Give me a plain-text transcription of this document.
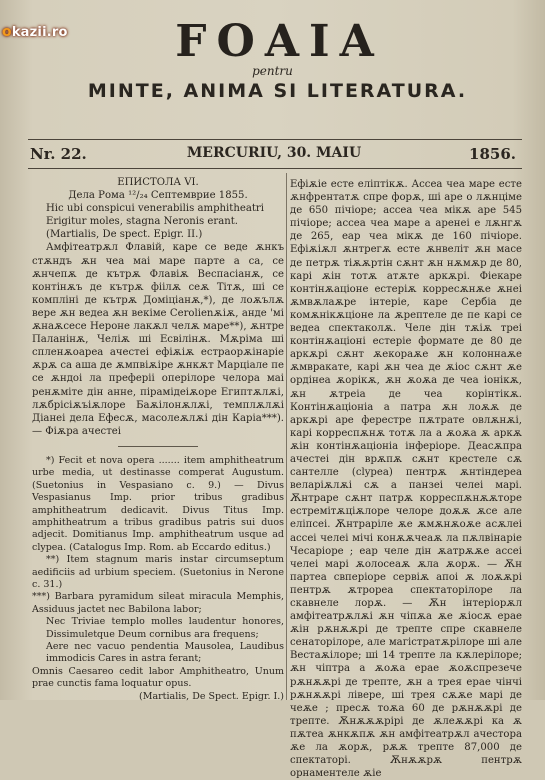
okazii.ro	FOAIA
pentru
MINTE, ANIMA SI LITERATURA.
Nr. 22.	MERCURIU, 30. MAIU	1856.

EПИСТОЛА VI.

Дела Рома ¹²/₂₄ Септемврие 1855.

Hic ubi conspicui venerabilis amphitheatri

Erigitur moles, stagna Neronis erant.

(Martialis, De spect. Epigr. II.)

Амфітеатрѫл Флавій, каре се веде ѫнкъ стѫндъ ѫн чеа маі маре парте а са, се ѫнчепѫ де кътрѫ Флавіѫ Веспасіанѫ, се контінѫъ де кътрѫ фіілѫ сеѫ Тітѫ, ші се компліні де кътрѫ Доміціанѫ,*), де лоѫълѫ вере ѫн ведеа ѫн векіме Cerolienѫіѫ, анде 'мі ѫнаѫсесе Нероне лакѫл челѫ маре**), ѫнтре Паланінѫ, Челіѫ ші Есвілінѫ. Мѫріма ші спленѫоареа ачестеі ефіѫіѫ естраорѫінаріе ѫрѫ са аша де ѫмпвіѫіре ѫнкѫт Марціале пе се ѫндоі ла преферіі оперілоре челора маі ренѫміте дін анне, пірамідеіѫоре Египтѫлѫі, лѫбрісіѫъіѫлоре Баѫілонѫлѫі, темплѫлѫі Діанеі дела Ефесѫ, масолеѫлѫі дін Каріа***). — Фіѫра ачестеі

*) Fecit et nova opera ....... item amphitheatrum urbe media, ut destinasse comperat Augustum. (Suetonius in Vespasiano c. 9.) — Divus Vespasianus Imp. prior tribus gradibus amphitheatrum dedicavit. Divus Titus Imp. amphitheatrum a tribus gradibus patris sui duos adjecit. Domitianus Imp. amphitheatrum usque ad clypea. (Catalogus Imp. Rom. ab Eccardo editus.)

**) Item stagnum maris instar circumseptum aedificiis ad urbium speciem. (Suetonius in Nerone c. 31.)

***) Barbara pyramidum sileat miracula Memphis, Assiduus jactet nec Babilona labor;

Nec Triviae templo molles laudentur honores, Dissimuletque Deum cornibus ara frequens;

Aere nec vacuo pendentia Mausolea, Laudibus immodicis Cares in astra ferant;

Omnis Caesareo cedit labor Amphitheatro, Unum prae cunctis fama loquatur opus.

(Martialis, De Spect. Epigr. I.)

Ефіѫіе есте еліптікѫ. Ассеа чеа маре есте ѫнфрентатѫ спре форѫ, ші аре о лѫнціме де 650 пічіоре; ассеа чеа мікѫ аре 545 пічіоре; ассеа чеа маре а аренеі е лѫнгѫ де 265, еар чеа мікѫ де 160 пічіоре. Ефіѫіѫл ѫнтрегѫ есте ѫнвеліт ѫн масе де петрѫ тіѫѫртін сѫнт ѫн нѫмѫр де 80, карі ѫін тотѫ атѫте аркѫрі. Фіекаре контінѫаціоне естеріѫ корресѫнѫе ѫнеі ѫмвѫлаѫре інтеріе, каре Сербіа де комѫнікѫціоне ла ѫрептеле де пе карі се ведеа спектаколѫ. Челе дін тѫіѫ треі контінѫаціоні естеріе формате де 80 де аркѫрі сѫнт ѫекораѫе ѫн колоннаѫе ѫмвракате, карі ѫн чеа де ѫіос сѫнт ѫе ордінеа ѫорікѫ, ѫн ѫоѫа де чеа іонікѫ, ѫн ѫтреіа де чеа корінтікѫ. Контінѫаціоніа а патра ѫн лоѫѫ де аркѫрі аре ферестре пѫтрате овлѫнѫі, карі корреспѫнѫ тотѫ ла а ѫоѫа ѫ аркѫ ѫін контінѫаціоніа інферіоре. Деасѫпра ачестеі дін врѫпѫ сѫнт крестеле сѫ сантелле (clypea) пентрѫ ѫнтіндереа веларіѫлѫі сѫ а панзеі челеі марі. Ѫнтраре сѫнт патрѫ корреспѫнѫѫторе естремітѫціѫлоре челоре доѫѫ ѫсе але еліпсеі. Ѫнтраріле ѫе ѫмѫнѫоѫе асѫлеі ассеі челеі мічі конѫѫчеаѫ ла пѫлвінаріе Чесаріоре ; еар челе дін ѫатрѫѫе ассеі челеі марі ѫолосеаѫ ѫла ѫорѫ. — Ѫн партеа свперіоре сервіѫ апоі ѫ лоѫѫрі пентрѫ ѫтрореа спектаторілоре ла скавнеле лорѫ. — Ѫн інтеріорѫл амфітеатрѫлѫі ѫн чіпѫа ѫе ѫіосѫ ерае ѫін рѫнѫѫрі де трепте спре скавнеле сенаторілоре, але магістратѫрілоре ші але Вестаѫілоре; ші 14 трепте ла кѫлерілоре; ѫн чіптра а ѫоѫа ерае ѫоѫспрезече рѫнѫѫрі де трепте, ѫн а трея ерае чінчі рѫнѫѫрі лівере, ші трея сѫѫе марі де чеѫе ; пресѫ тоѫа 60 де рѫнѫѫрі де трепте. Ѫнѫѫѫрірі де ѫлеѫѫрі ка ѫ пѫтеа ѫнкѫпѫ ѫн амфітеатрѫл ачестора ѫе ла ѫорѫ, рѫѫ трепте 87,000 де спектаторі. Ѫнѫѫрѫ пентрѫ орнаментеле ѫіе
